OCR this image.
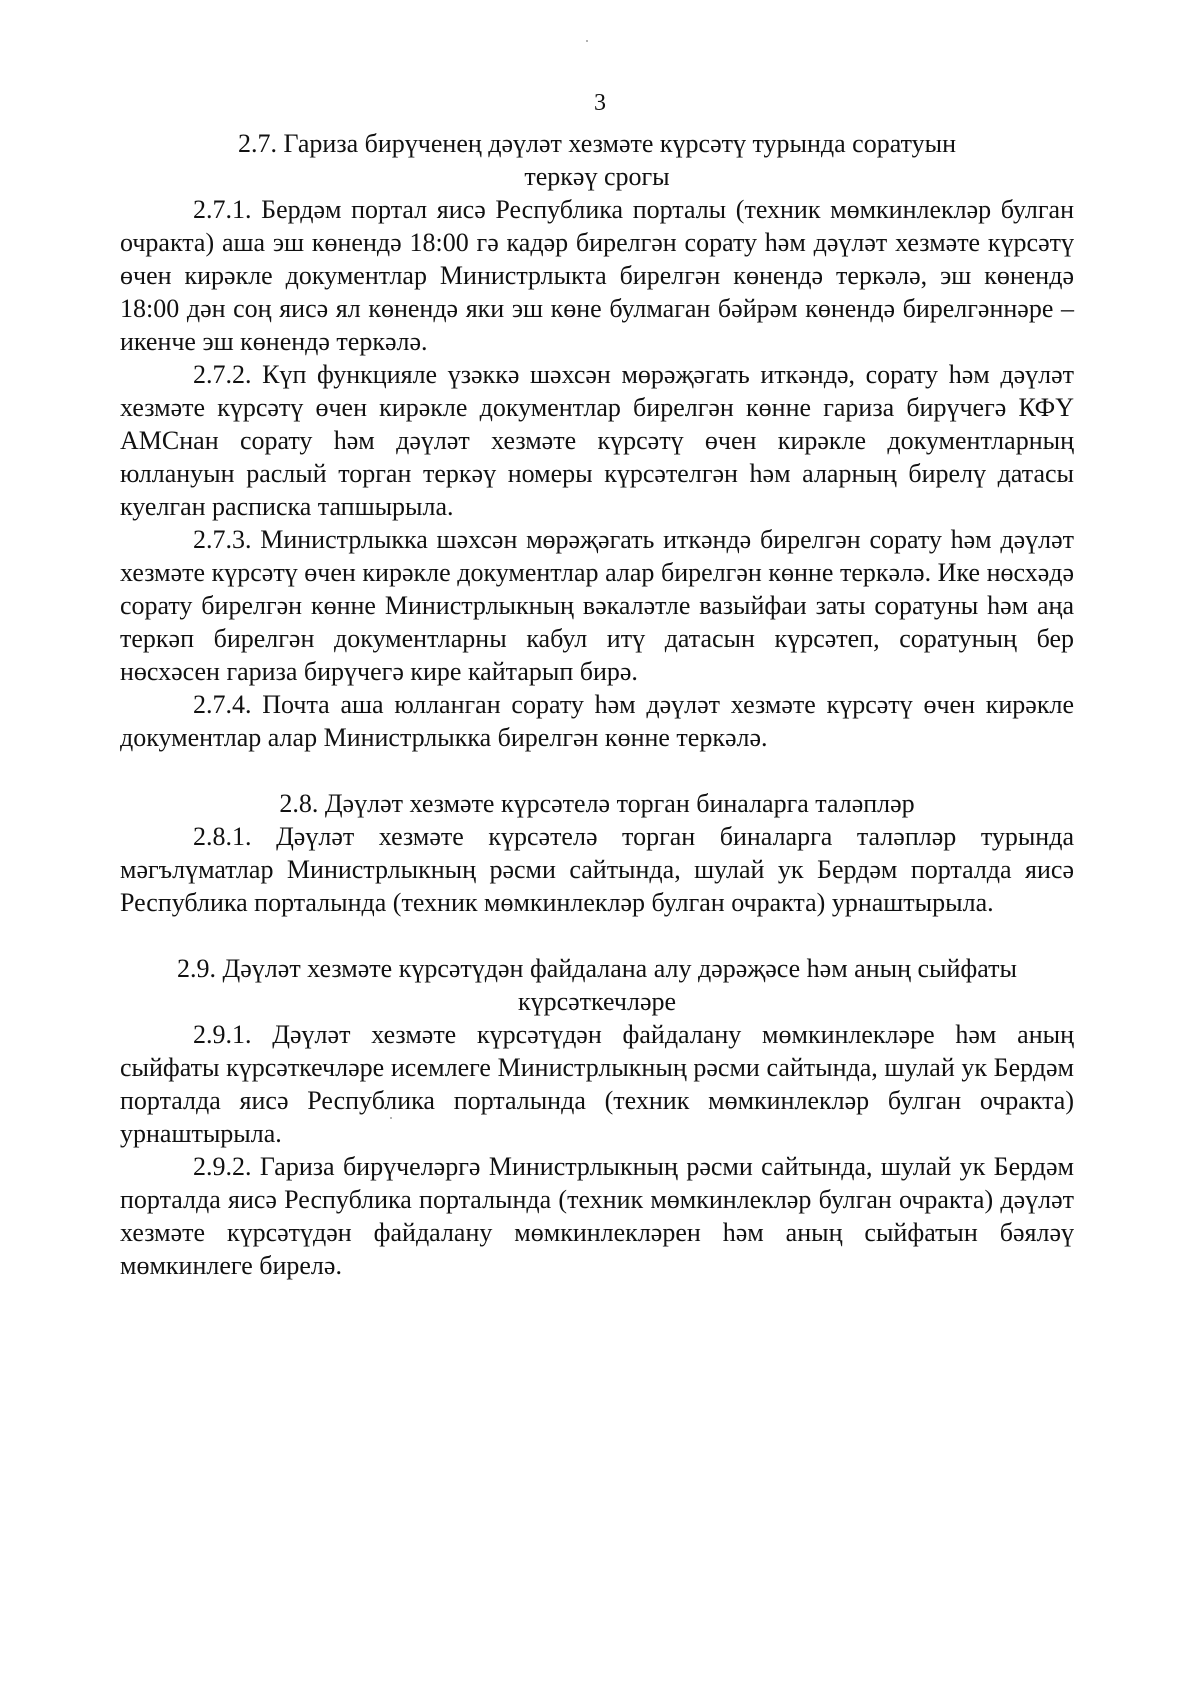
3
2.7. Гариза бирүченең дәүләт хезмәте күрсәтү турында соратуын
теркәү срогы

2.7.1. Бердәм портал яисә Республика порталы (техник мөмкинлекләр булган очракта) аша эш көнендә 18:00 гә кадәр бирелгән сорату һәм дәүләт хезмәте күрсәтү өчен кирәкле документлар Министрлыкта бирелгән көнендә теркәлә, эш көнендә 18:00 дән соң яисә ял көнендә яки эш көне булмаган бәйрәм көнендә бирелгәннәре – икенче эш көнендә теркәлә.

2.7.2. Күп функцияле үзәккә шәхсән мөрәҗәгать иткәндә, сорату һәм дәүләт хезмәте күрсәтү өчен кирәкле документлар бирелгән көнне гариза бирүчегә КФҮ АМСнан сорату һәм дәүләт хезмәте күрсәтү өчен кирәкле документларның юллануын раслый торган теркәү номеры күрсәтелгән һәм аларның бирелү датасы куелган расписка тапшырыла.

2.7.3. Министрлыкка шәхсән мөрәҗәгать иткәндә бирелгән сорату һәм дәүләт хезмәте күрсәтү өчен кирәкле документлар алар бирелгән көнне теркәлә. Ике нөсхәдә сорату бирелгән көнне Министрлыкның вәкаләтле вазыйфаи заты соратуны һәм аңа теркәп бирелгән документларны кабул итү датасын күрсәтеп, соратуның бер нөсхәсен гариза бирүчегә кире кайтарып бирә.

2.7.4. Почта аша юлланган сорату һәм дәүләт хезмәте күрсәтү өчен кирәкле документлар алар Министрлыкка бирелгән көнне теркәлә.

2.8. Дәүләт хезмәте күрсәтелә торган биналарга таләпләр

2.8.1. Дәүләт хезмәте күрсәтелә торган биналарга таләпләр турында мәгълүматлар Министрлыкның рәсми сайтында, шулай ук Бердәм порталда яисә Республика порталында (техник мөмкинлекләр булган очракта) урнаштырыла.

2.9. Дәүләт хезмәте күрсәтүдән файдалана алу дәрәҗәсе һәм аның сыйфаты
күрсәткечләре

2.9.1. Дәүләт хезмәте күрсәтүдән файдалану мөмкинлекләре һәм аның сыйфаты күрсәткечләре исемлеге Министрлыкның рәсми сайтында, шулай ук Бердәм порталда яисә Республика порталында (техник мөмкинлекләр булган очракта) урнаштырыла.

2.9.2. Гариза бирүчеләргә Министрлыкның рәсми сайтында, шулай ук Бердәм порталда яисә Республика порталында (техник мөмкинлекләр булган очракта) дәүләт хезмәте күрсәтүдән файдалану мөмкинлекләрен һәм аның сыйфатын бәяләү мөмкинлеге бирелә.
